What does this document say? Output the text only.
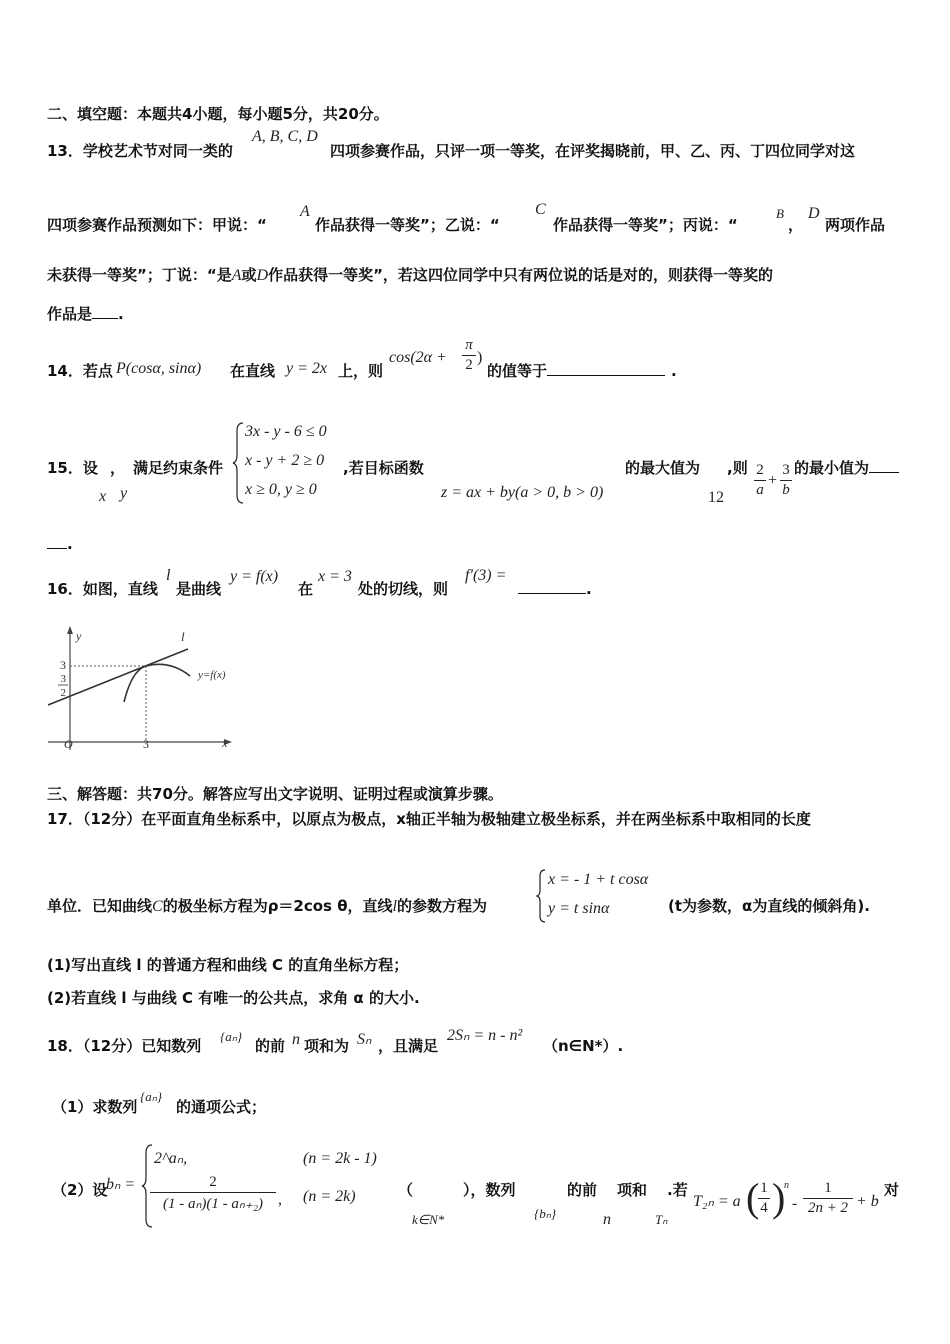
二、填空题：本题共4小题，每小题5分，共20分。
13．学校艺术节对同一类的
A, B, C, D
四项参赛作品，只评一项一等奖，在评奖揭晓前，甲、乙、丙、丁四位同学对这
四项参赛作品预测如下：甲说：“
A
作品获得一等奖”；乙说：“
C
作品获得一等奖”；丙说：“
B
，
D
两项作品
未获得一等奖”；丁说：“是A或D作品获得一等奖”，若这四位同学中只有两位说的话是对的，则获得一等奖的
作品是 .
14．若点 P(cosα, sinα) 在直线 y = 2x 上，则
cos(2α +
π
2 )
的值等于	.
15．设
x
，
y
满足约束条件
3x - y - 6 ≤ 0
x - y + 2 ≥ 0
x ≥ 0, y ≥ 0
,若目标函数
z = ax + by(a > 0, b > 0)
的最大值为
12
,则 2
a
+
3
b
的最小值为
.
16．如图，直线
l
是曲线
y = f(x)
在
x = 3
处的切线，则
f′(3) =
.
y
x
O
l
y=f(x)
3
3
2
3
三、解答题：共70分。解答应写出文字说明、证明过程或演算步骤。
17．（12分）在平面直角坐标系中，以原点为极点，x轴正半轴为极轴建立极坐标系，并在两坐标系中取相同的长度
单位．已知曲线C的极坐标方程为ρ＝2cos θ，直线l的参数方程为
x = - 1 + t cosα
y = t sinα	(t为参数，α为直线的倾斜角).
(1)写出直线 l 的普通方程和曲线 C 的直角坐标方程；
(2)若直线 l 与曲线 C 有唯一的公共点，求角 α 的大小.
18．（12分）已知数列
{aₙ}
的前 n 项和为 Sₙ ，且满足
2Sₙ = n - n²
（n∈N*）.
（1）求数列
{aₙ}
的通项公式；
（2）设
bₙ =
2^aₙ,	(n = 2k - 1)
2
(1 - aₙ)(1 - aₙ₊₂) , (n = 2k)	（
k∈N*
），数列
{bₙ}
的前
n
项和
Tₙ
.若
T₂ₙ = a ( 1
4 )
n
-
1
2n + 2 + b
对
